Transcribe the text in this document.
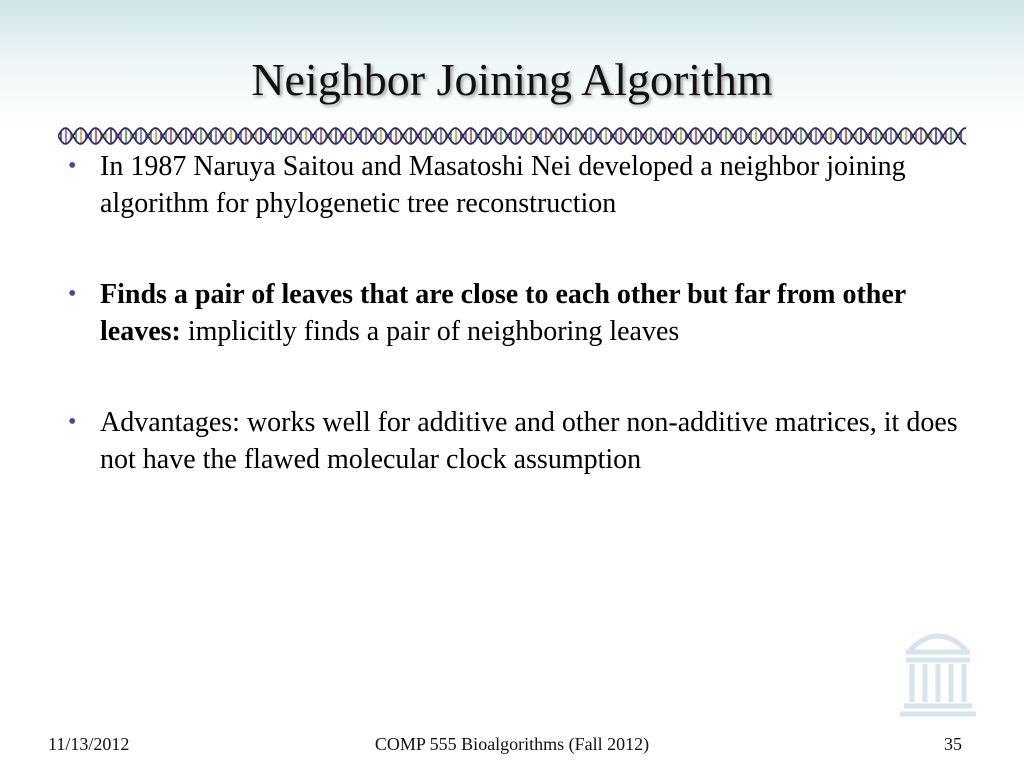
Neighbor Joining Algorithm
• In 1987 Naruya Saitou and Masatoshi Nei developed a neighbor joining algorithm for phylogenetic tree reconstruction
• Finds a pair of leaves that are close to each other but far from other leaves: implicitly finds a pair of neighboring leaves
• Advantages: works well for additive and other non-additive matrices, it does not have the flawed molecular clock assumption
11/13/2012	COMP 555 Bioalgorithms (Fall 2012)	35
